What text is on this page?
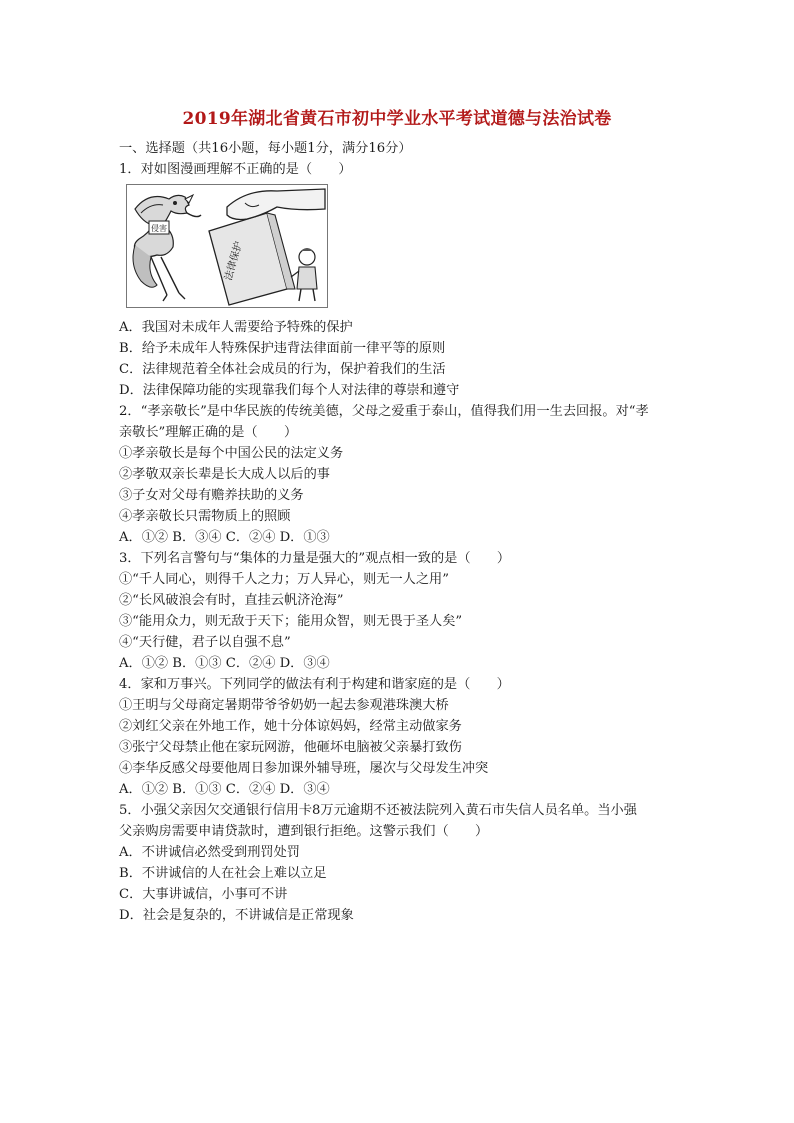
2019年湖北省黄石市初中学业水平考试道德与法治试卷
一、选择题（共16小题，每小题1分，满分16分）
1．对如图漫画理解不正确的是（　　）
侵害
法律保护
A．我国对未成年人需要给予特殊的保护
B．给予未成年人特殊保护违背法律面前一律平等的原则
C．法律规范着全体社会成员的行为，保护着我们的生活
D．法律保障功能的实现靠我们每个人对法律的尊崇和遵守
2．“孝亲敬长”是中华民族的传统美德，父母之爱重于泰山，值得我们用一生去回报。对“孝
亲敬长”理解正确的是（　　）
①孝亲敬长是每个中国公民的法定义务
②孝敬双亲长辈是长大成人以后的事
③子女对父母有赡养扶助的义务
④孝亲敬长只需物质上的照顾
A．①② B．③④ C．②④ D．①③
3．下列名言警句与“集体的力量是强大的”观点相一致的是（　　）
①“千人同心，则得千人之力；万人异心，则无一人之用”
②“长风破浪会有时，直挂云帆济沧海”
③“能用众力，则无敌于天下；能用众智，则无畏于圣人矣”
④“天行健，君子以自强不息”
A．①② B．①③ C．②④ D．③④
4．家和万事兴。下列同学的做法有利于构建和谐家庭的是（　　）
①王明与父母商定暑期带爷爷奶奶一起去参观港珠澳大桥
②刘红父亲在外地工作，她十分体谅妈妈，经常主动做家务
③张宁父母禁止他在家玩网游，他砸坏电脑被父亲暴打致伤
④李华反感父母要他周日参加课外辅导班，屡次与父母发生冲突
A．①② B．①③ C．②④ D．③④
5．小强父亲因欠交通银行信用卡8万元逾期不还被法院列入黄石市失信人员名单。当小强
父亲购房需要申请贷款时，遭到银行拒绝。这警示我们（　　）
A．不讲诚信必然受到刑罚处罚
B．不讲诚信的人在社会上难以立足
C．大事讲诚信，小事可不讲
D．社会是复杂的，不讲诚信是正常现象
